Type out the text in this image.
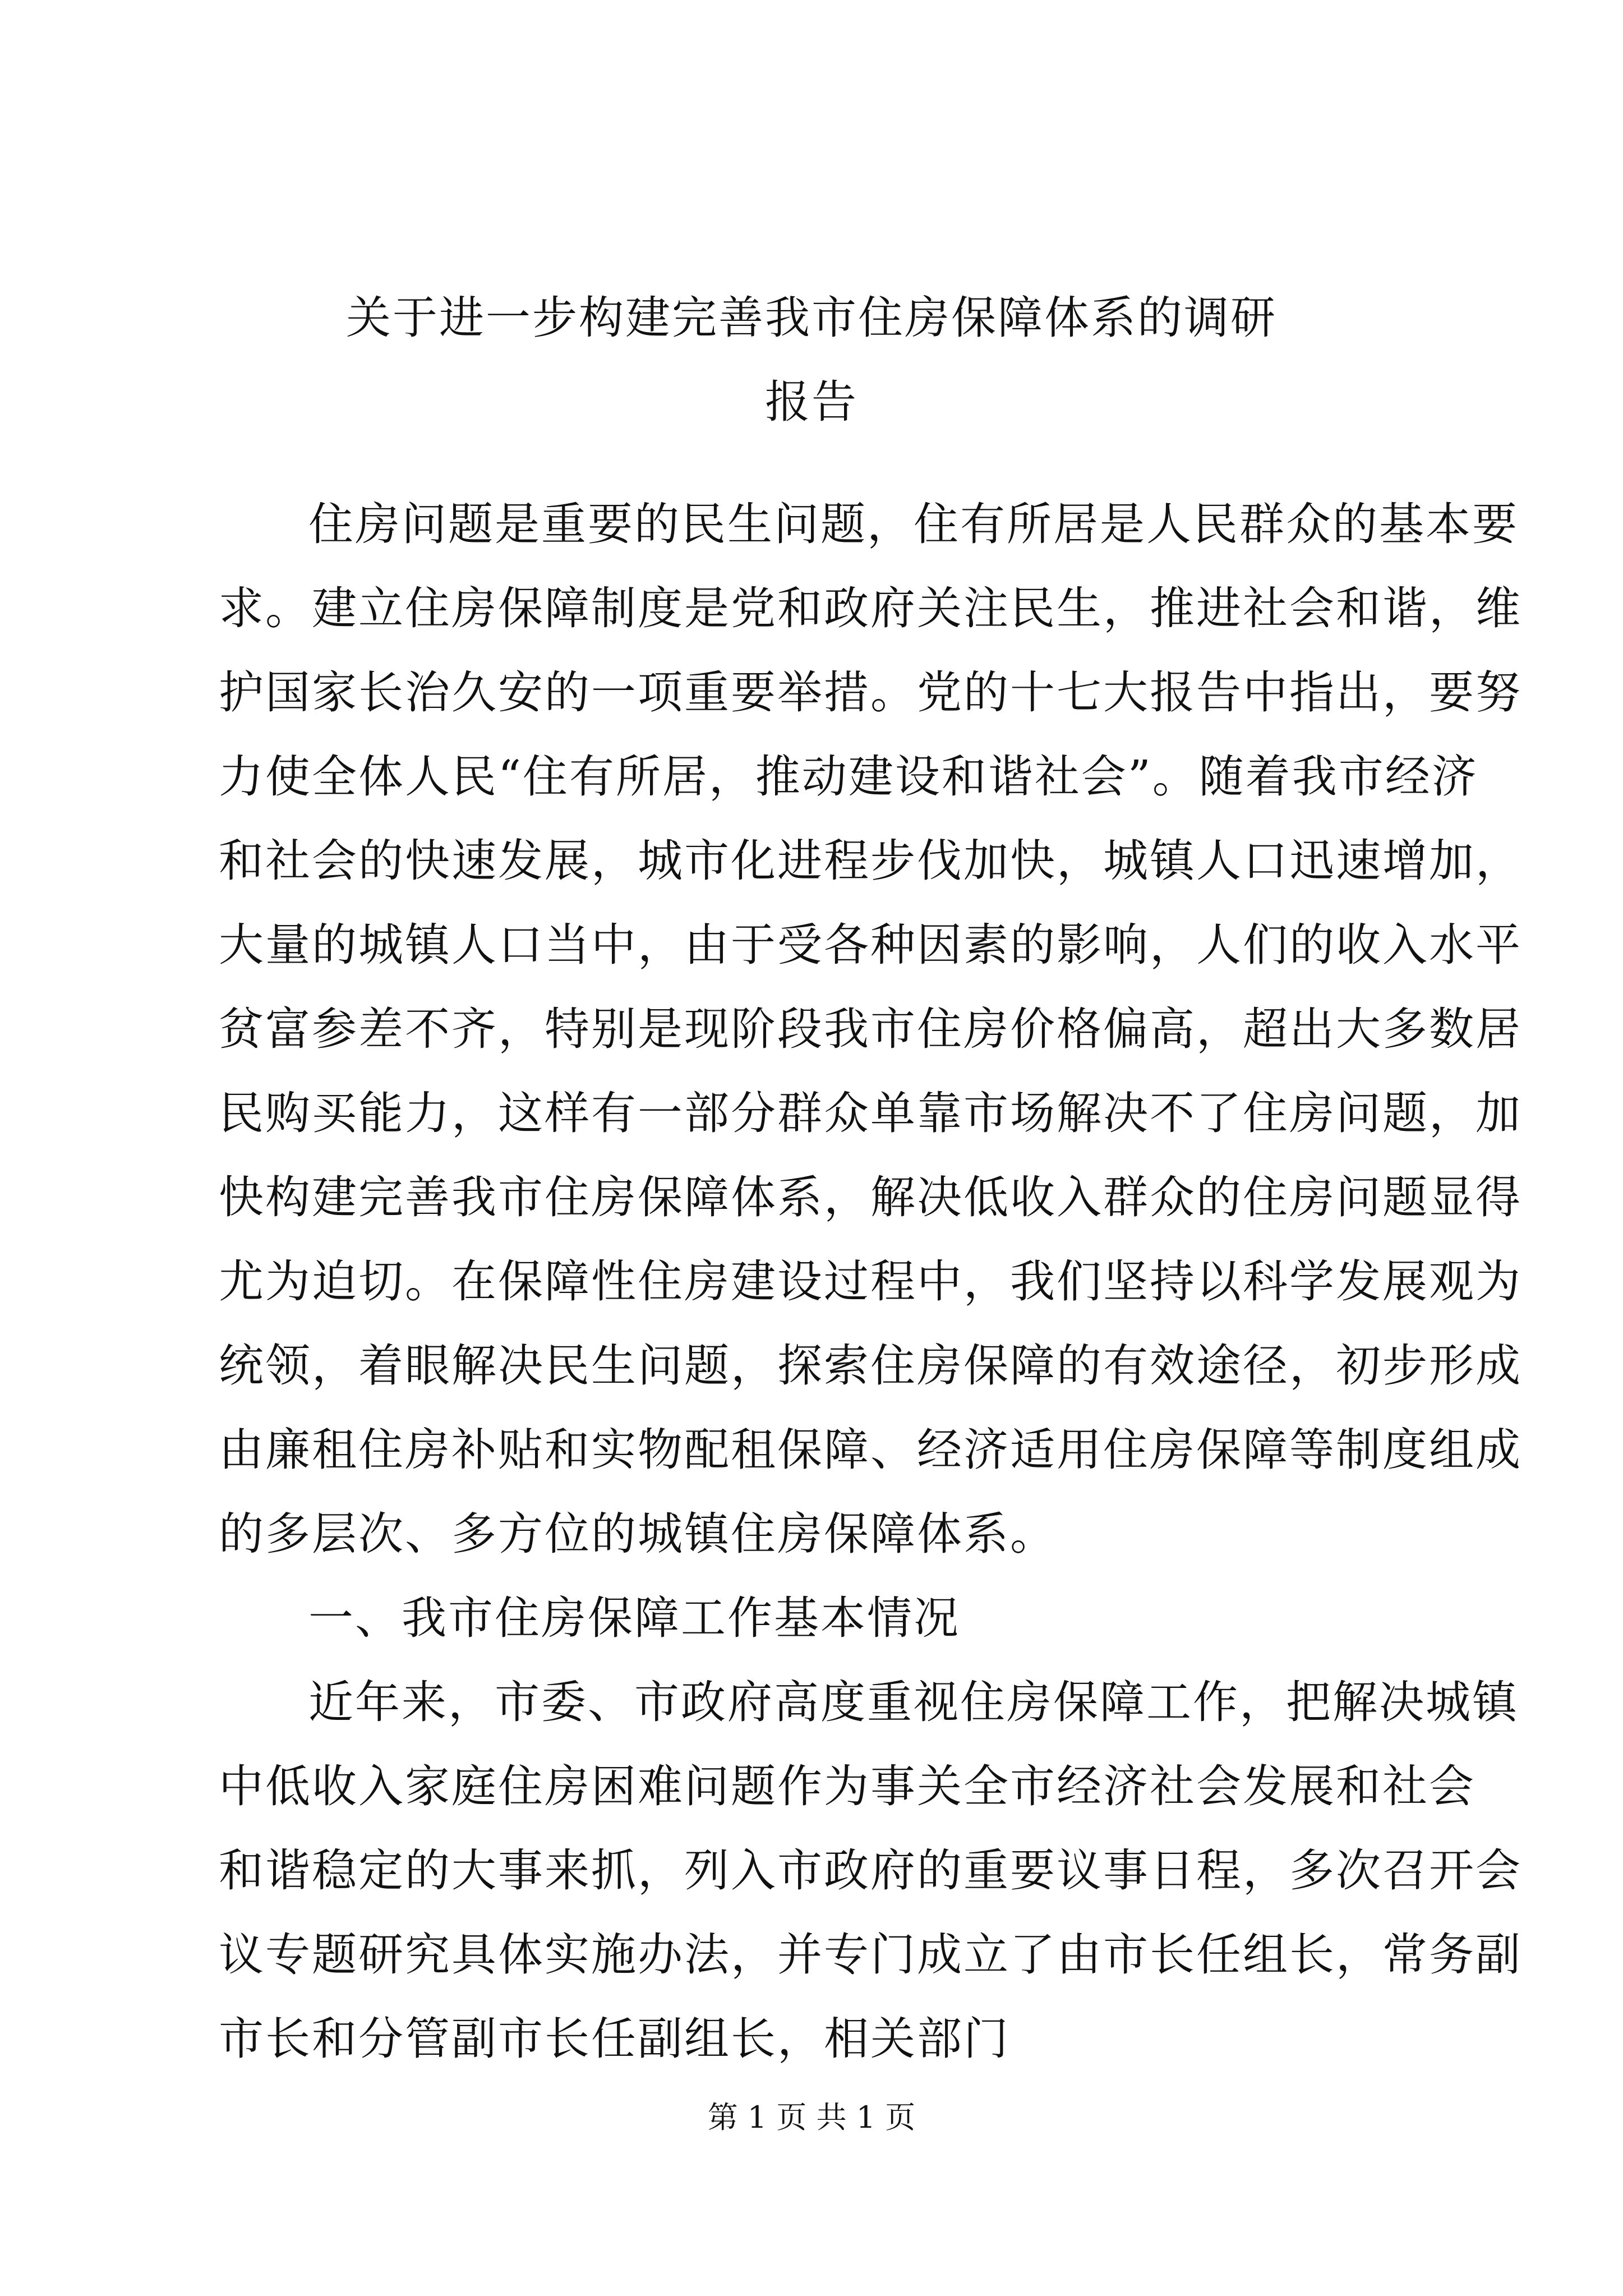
关于进一步构建完善我市住房保障体系的调研
报告
住房问题是重要的民生问题，住有所居是人民群众的基本要
求。建立住房保障制度是党和政府关注民生，推进社会和谐，维
护国家长治久安的一项重要举措。党的十七大报告中指出，要努
力使全体人民“住有所居，推动建设和谐社会”。随着我市经济
和社会的快速发展，城市化进程步伐加快，城镇人口迅速增加，
大量的城镇人口当中，由于受各种因素的影响，人们的收入水平
贫富参差不齐，特别是现阶段我市住房价格偏高，超出大多数居
民购买能力，这样有一部分群众单靠市场解决不了住房问题，加
快构建完善我市住房保障体系，解决低收入群众的住房问题显得
尤为迫切。在保障性住房建设过程中，我们坚持以科学发展观为
统领，着眼解决民生问题，探索住房保障的有效途径，初步形成
由廉租住房补贴和实物配租保障、经济适用住房保障等制度组成
的多层次、多方位的城镇住房保障体系。
一、我市住房保障工作基本情况
近年来，市委、市政府高度重视住房保障工作，把解决城镇
中低收入家庭住房困难问题作为事关全市经济社会发展和社会
和谐稳定的大事来抓，列入市政府的重要议事日程，多次召开会
议专题研究具体实施办法，并专门成立了由市长任组长，常务副
市长和分管副市长任副组长，相关部门
第 1 页 共 1 页
